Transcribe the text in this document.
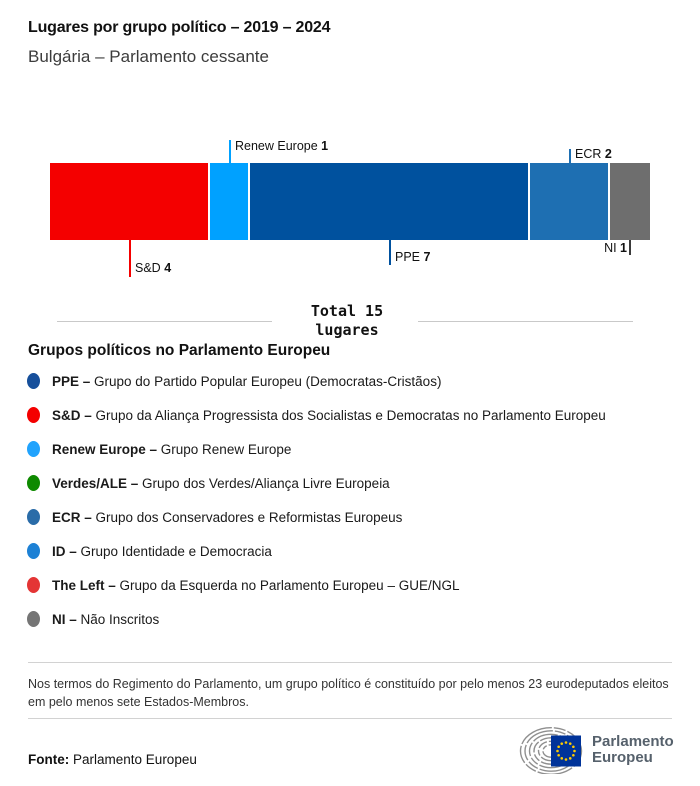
Lugares por grupo político – 2019 – 2024
Bulgária – Parlamento cessante
Total 15
lugares
Grupos políticos no Parlamento Europeu
PPE – Grupo do Partido Popular Europeu (Democratas-Cristãos)
S&D – Grupo da Aliança Progressista dos Socialistas e Democratas no Parlamento Europeu
Renew Europe – Grupo Renew Europe
Verdes/ALE – Grupo dos Verdes/Aliança Livre Europeia
ECR – Grupo dos Conservadores e Reformistas Europeus
ID – Grupo Identidade e Democracia
The Left – Grupo da Esquerda no Parlamento Europeu – GUE/NGL
NI – Não Inscritos
Nos termos do Regimento do Parlamento, um grupo político é constituído por pelo menos 23 eurodeputados eleitos em pelo menos sete Estados-Membros.
Fonte: Parlamento Europeu
Parlamento
Europeu
S&D 4
Renew Europe 1
PPE 7
ECR 2
NI 1
